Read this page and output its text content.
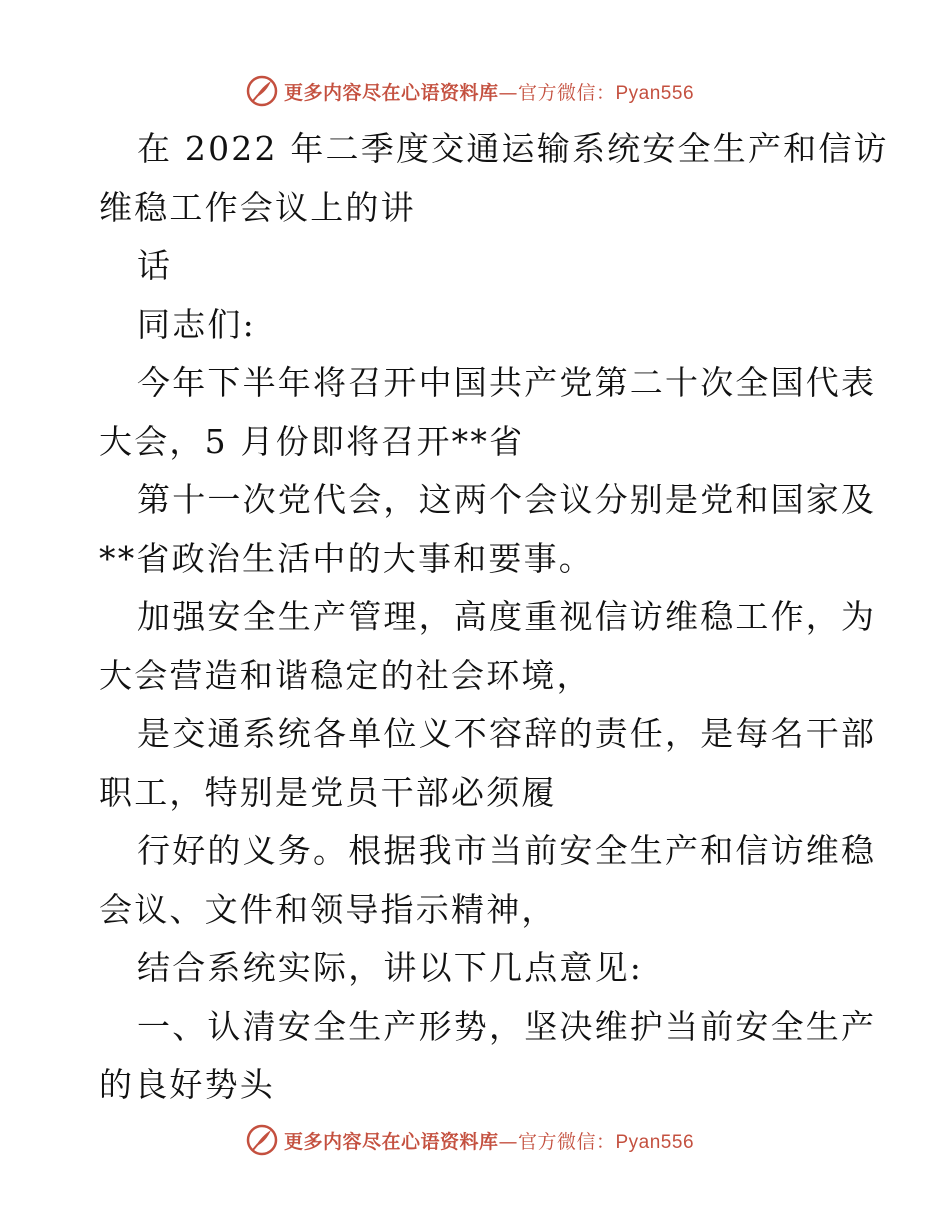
更多内容尽在心语资料库—官方微信：Pyan556
在 2022 年二季度交通运输系统安全生产和信访
维稳工作会议上的讲
话
同志们:
今年下半年将召开中国共产党第二十次全国代表
大会，5 月份即将召开**省
第十一次党代会，这两个会议分别是党和国家及
**省政治生活中的大事和要事。
加强安全生产管理，高度重视信访维稳工作，为
大会营造和谐稳定的社会环境，
是交通系统各单位义不容辞的责任，是每名干部
职工，特别是党员干部必须履
行好的义务。根据我市当前安全生产和信访维稳
会议、文件和领导指示精神，
结合系统实际，讲以下几点意见:
一、认清安全生产形势，坚决维护当前安全生产
的良好势头
更多内容尽在心语资料库—官方微信：Pyan556
